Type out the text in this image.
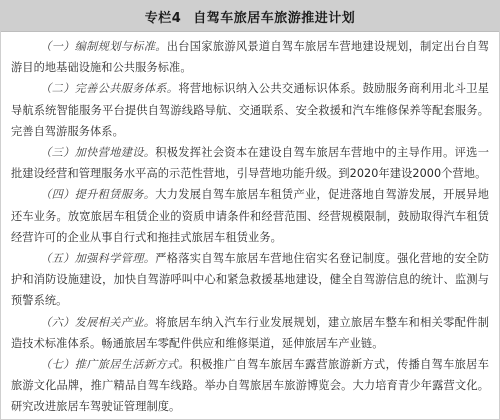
专栏4 自驾车旅居车旅游推进计划

（一）编制规划与标准。出台国家旅游风景道自驾车旅居车营地建设规划，制定出台自驾游目的地基础设施和公共服务标准。

（二）完善公共服务体系。将营地标识纳入公共交通标识体系。鼓励服务商利用北斗卫星导航系统智能服务平台提供自驾游线路导航、交通联系、安全救援和汽车维修保养等配套服务。完善自驾游服务体系。

（三）加快营地建设。积极发挥社会资本在建设自驾车旅居车营地中的主导作用。评选一批建设经营和管理服务水平高的示范性营地，引导营地功能升级。到2020年建设2000个营地。

（四）提升租赁服务。大力发展自驾车旅居车租赁产业，促进落地自驾游发展，开展异地还车业务。放宽旅居车租赁企业的资质申请条件和经营范围、经营规模限制，鼓励取得汽车租赁经营许可的企业从事自行式和拖挂式旅居车租赁业务。

（五）加强科学管理。严格落实自驾车旅居车营地住宿实名登记制度。强化营地的安全防护和消防设施建设，加快自驾游呼叫中心和紧急救援基地建设，健全自驾游信息的统计、监测与预警系统。

（六）发展相关产业。将旅居车纳入汽车行业发展规划，建立旅居车整车和相关零配件制造技术标准体系。畅通旅居车零配件供应和维修渠道，延伸旅居车产业链。

（七）推广旅居生活新方式。积极推广自驾车旅居车露营旅游新方式，传播自驾车旅居车旅游文化品牌，推广精品自驾车线路。举办自驾旅居车旅游博览会。大力培育青少年露营文化。研究改进旅居车驾驶证管理制度。
